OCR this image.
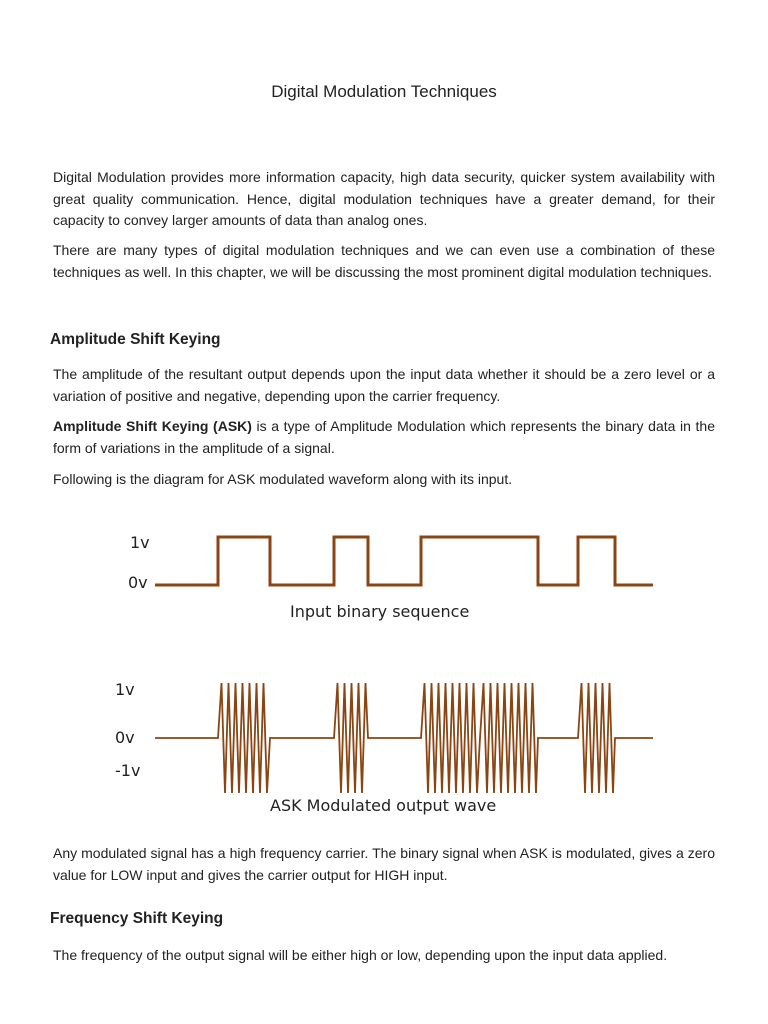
Digital Modulation Techniques

Digital Modulation provides more information capacity, high data security, quicker system availability with great quality communication. Hence, digital modulation techniques have a greater demand, for their capacity to convey larger amounts of data than analog ones.

There are many types of digital modulation techniques and we can even use a combination of these techniques as well. In this chapter, we will be discussing the most prominent digital modulation techniques.

Amplitude Shift Keying

The amplitude of the resultant output depends upon the input data whether it should be a zero level or a variation of positive and negative, depending upon the carrier frequency.

Amplitude Shift Keying (ASK) is a type of Amplitude Modulation which represents the binary data in the form of variations in the amplitude of a signal.

Following is the diagram for ASK modulated waveform along with its input.

1v
0v
Input binary sequence
1v
0v
-1v
ASK Modulated output wave

Any modulated signal has a high frequency carrier. The binary signal when ASK is modulated, gives a zero value for LOW input and gives the carrier output for HIGH input.

Frequency Shift Keying

The frequency of the output signal will be either high or low, depending upon the input data applied.
